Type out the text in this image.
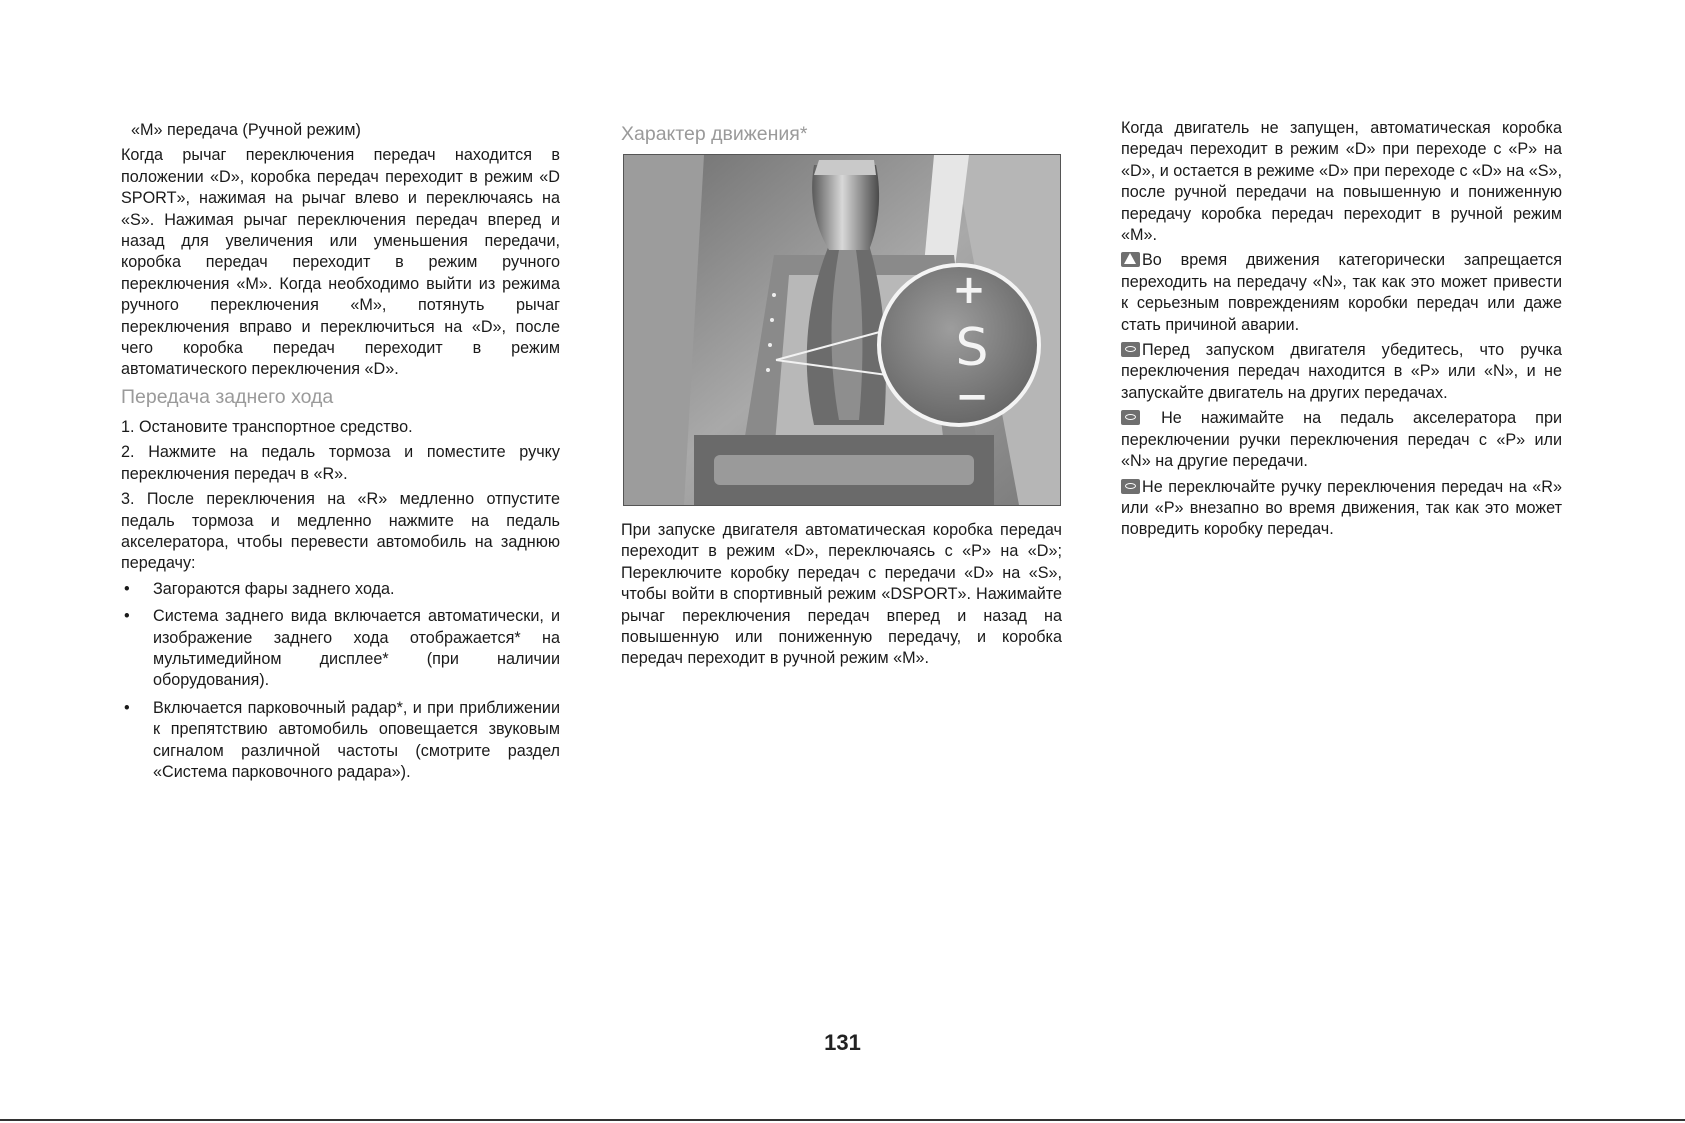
«M» передача (Ручной режим)

Когда рычаг переключения передач находится в положении «D», коробка передач переходит в режим «D SPORT», нажимая на рычаг влево и переключаясь на «S». Нажимая рычаг переключения передач вперед и назад для увеличения или уменьшения передачи, коробка передач переходит в режим ручного переключения «M». Когда необходимо выйти из режима ручного переключения «M», потянуть рычаг переключения вправо и переключиться на «D», после чего коробка передач переходит в режим автоматического переключения «D».

Передача заднего хода

1. Остановите транспортное средство.

2. Нажмите на педаль тормоза и поместите ручку переключения передач в «R».

3. После переключения на «R» медленно отпустите педаль тормоза и медленно нажмите на педаль акселератора, чтобы перевести автомобиль на заднюю передачу:

• Загораются фары заднего хода.
• Система заднего вида включается автоматически, и изображение заднего хода отображается* на мультимедийном дисплее* (при наличии оборудования).
• Включается парковочный радар*, и при приближении к препятствию автомобиль оповещается звуковым сигналом различной частоты (смотрите раздел «Система парковочного радара»).
Характер движения*
+
S
−

При запуске двигателя автоматическая коробка передач переходит в режим «D», переключаясь с «P» на «D»; Переключите коробку передач с передачи «D» на «S», чтобы войти в спортивный режим «DSPORT». Нажимайте рычаг переключения передач вперед и назад на повышенную или пониженную передачу, и коробка передач переходит в ручной режим «M».

Когда двигатель не запущен, автоматическая коробка передач переходит в режим «D» при переходе с «P» на «D», и остается в режиме «D» при переходе с «D» на «S», после ручной передачи на повышенную и пониженную передачу коробка передач переходит в ручной режим «M».

Во время движения категорически запрещается переходить на передачу «N», так как это может привести к серьезным повреждениям коробки передач или даже стать причиной аварии.

Перед запуском двигателя убедитесь, что ручка переключения передач находится в «P» или «N», и не запускайте двигатель на других передачах.

Не нажимайте на педаль акселератора при переключении ручки переключения передач с «P» или «N» на другие передачи.

Не переключайте ручку переключения передач на «R» или «P» внезапно во время движения, так как это может повредить коробку передач.

131
